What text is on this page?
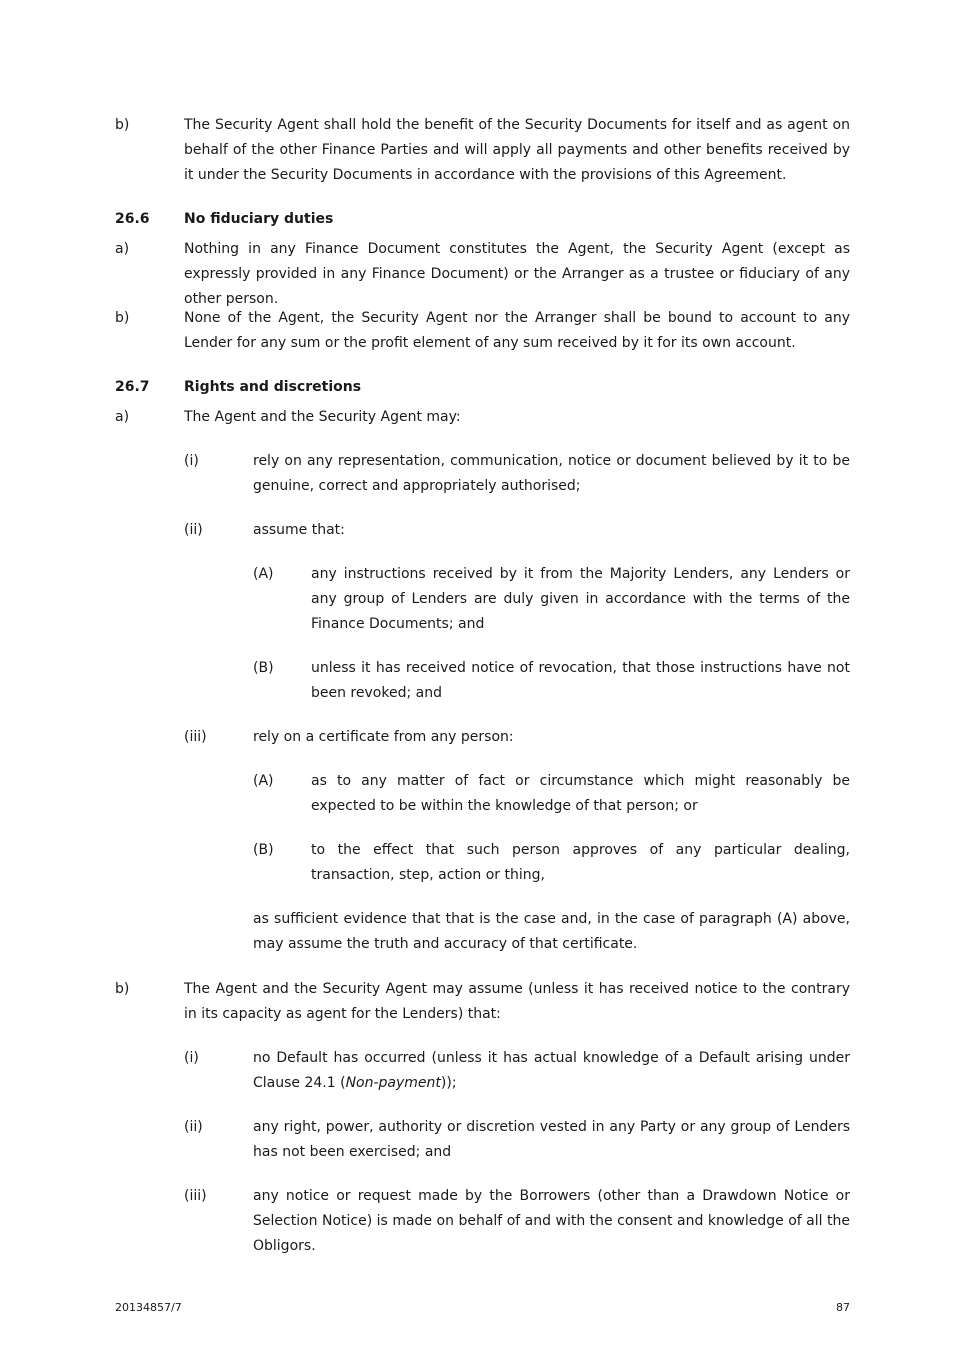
b)	The Security Agent shall hold the benefit of the Security Documents for itself and as agent on behalf of the other Finance Parties and will apply all payments and other benefits received by it under the Security Documents in accordance with the provisions of this Agreement.
26.6 No fiduciary duties
a)	Nothing in any Finance Document constitutes the Agent, the Security Agent (except as expressly provided in any Finance Document) or the Arranger as a trustee or fiduciary of any other person.
b)	None of the Agent, the Security Agent nor the Arranger shall be bound to account to any Lender for any sum or the profit element of any sum received by it for its own account.
26.7 Rights and discretions
a)	The Agent and the Security Agent may:
(i)	rely on any representation, communication, notice or document believed by it to be genuine, correct and appropriately authorised;
(ii)	assume that:
(A)	any instructions received by it from the Majority Lenders, any Lenders or any group of Lenders are duly given in accordance with the terms of the Finance Documents; and
(B)	unless it has received notice of revocation, that those instructions have not been revoked; and
(iii)	rely on a certificate from any person:
(A)	as to any matter of fact or circumstance which might reasonably be expected to be within the knowledge of that person; or
(B)	to the effect that such person approves of any particular dealing, transaction, step, action or thing,
as sufficient evidence that that is the case and, in the case of paragraph (A) above, may assume the truth and accuracy of that certificate.
b)	The Agent and the Security Agent may assume (unless it has received notice to the contrary in its capacity as agent for the Lenders) that:
(i)	no Default has occurred (unless it has actual knowledge of a Default arising under Clause 24.1 (Non-payment));
(ii)	any right, power, authority or discretion vested in any Party or any group of Lenders has not been exercised; and
(iii)	any notice or request made by the Borrowers (other than a Drawdown Notice or Selection Notice) is made on behalf of and with the consent and knowledge of all the Obligors.
20134857/7	87
